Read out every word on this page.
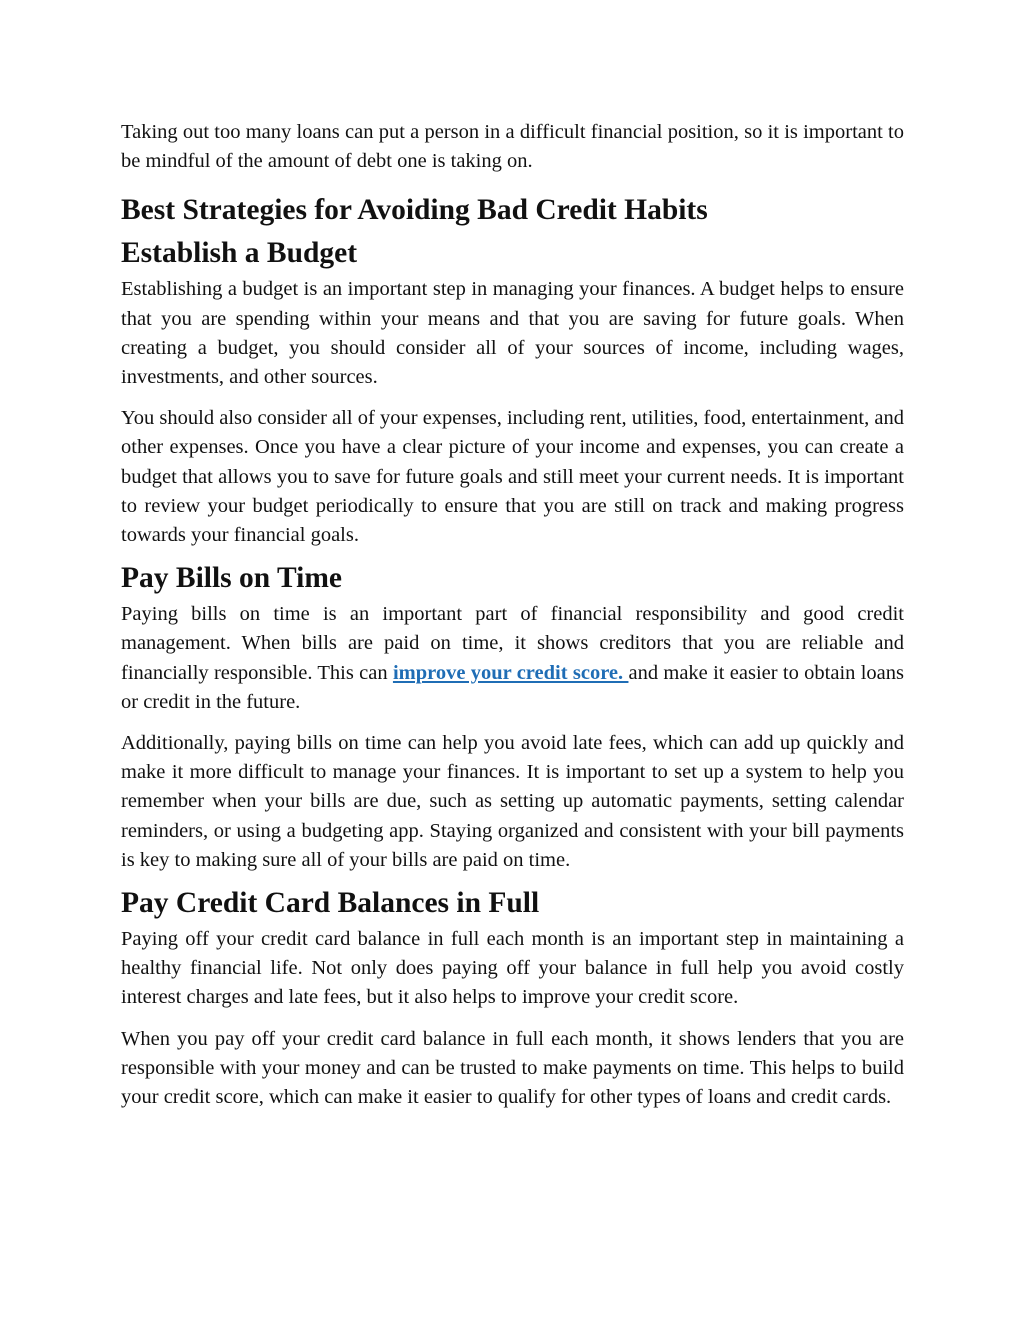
Taking out too many loans can put a person in a difficult financial position, so it is important to be mindful of the amount of debt one is taking on.

Best Strategies for Avoiding Bad Credit Habits
Establish a Budget

Establishing a budget is an important step in managing your finances. A budget helps to ensure that you are spending within your means and that you are saving for future goals. When creating a budget, you should consider all of your sources of income, including wages, investments, and other sources.

You should also consider all of your expenses, including rent, utilities, food, entertainment, and other expenses. Once you have a clear picture of your income and expenses, you can create a budget that allows you to save for future goals and still meet your current needs. It is important to review your budget periodically to ensure that you are still on track and making progress towards your financial goals.

Pay Bills on Time

Paying bills on time is an important part of financial responsibility and good credit management. When bills are paid on time, it shows creditors that you are reliable and financially responsible. This can improve your credit score. and make it easier to obtain loans or credit in the future.

Additionally, paying bills on time can help you avoid late fees, which can add up quickly and make it more difficult to manage your finances. It is important to set up a system to help you remember when your bills are due, such as setting up automatic payments, setting calendar reminders, or using a budgeting app. Staying organized and consistent with your bill payments is key to making sure all of your bills are paid on time.

Pay Credit Card Balances in Full

Paying off your credit card balance in full each month is an important step in maintaining a healthy financial life. Not only does paying off your balance in full help you avoid costly interest charges and late fees, but it also helps to improve your credit score.

When you pay off your credit card balance in full each month, it shows lenders that you are responsible with your money and can be trusted to make payments on time. This helps to build your credit score, which can make it easier to qualify for other types of loans and credit cards.
